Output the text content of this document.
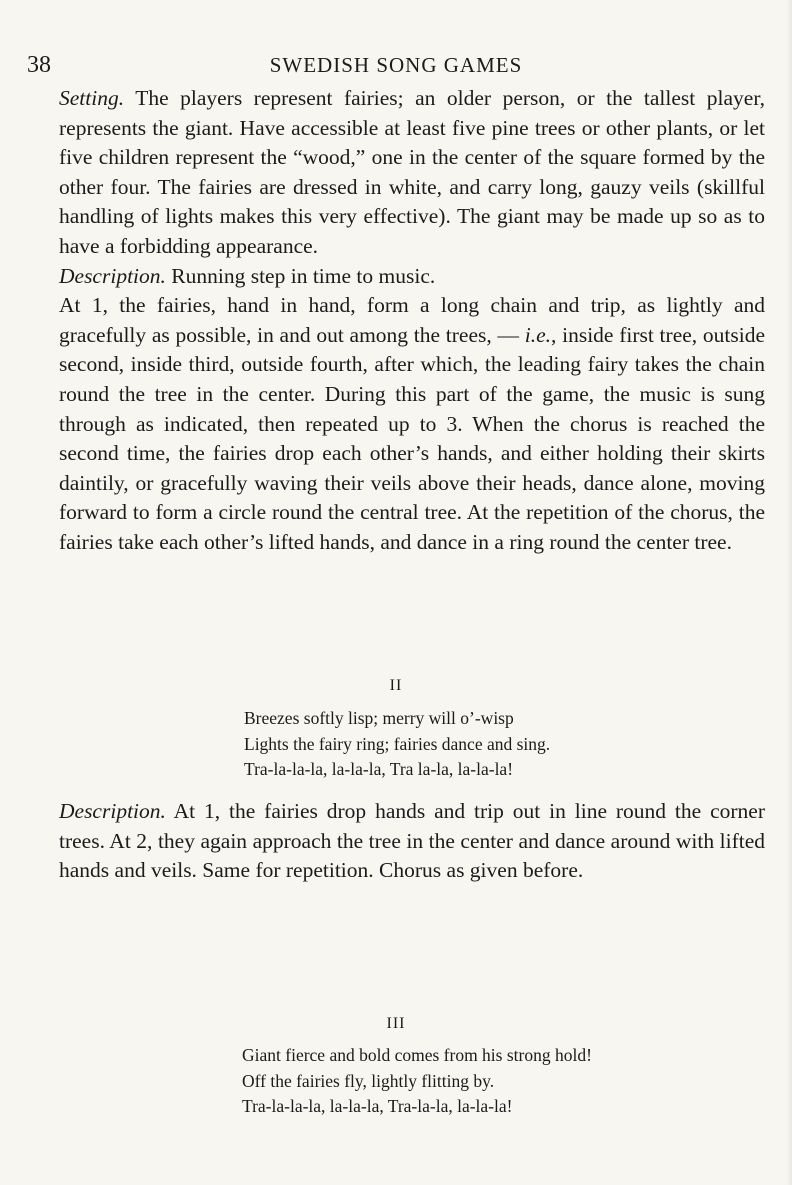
38	SWEDISH SONG GAMES

Setting. The players represent fairies; an older person, or the tallest player, represents the giant. Have accessible at least five pine trees or other plants, or let five children represent the “wood,” one in the center of the square formed by the other four. The fairies are dressed in white, and carry long, gauzy veils (skillful handling of lights makes this very effective). The giant may be made up so as to have a forbidding appearance.

Description. Running step in time to music.

At 1, the fairies, hand in hand, form a long chain and trip, as lightly and gracefully as possible, in and out among the trees, — i.e., inside first tree, outside second, inside third, outside fourth, after which, the leading fairy takes the chain round the tree in the center. During this part of the game, the music is sung through as indicated, then repeated up to 3. When the chorus is reached the second time, the fairies drop each other’s hands, and either holding their skirts daintily, or gracefully waving their veils above their heads, dance alone, moving forward to form a circle round the central tree. At the repetition of the chorus, the fairies take each other’s lifted hands, and dance in a ring round the center tree.

II
Breezes softly lisp; merry will o’-wisp
Lights the fairy ring; fairies dance and sing.
Tra-la-la-la, la-la-la, Tra la-la, la-la-la!

Description. At 1, the fairies drop hands and trip out in line round the corner trees. At 2, they again approach the tree in the center and dance around with lifted hands and veils. Same for repetition. Chorus as given before.

III
Giant fierce and bold comes from his strong hold!
Off the fairies fly, lightly flitting by.
Tra-la-la-la, la-la-la, Tra-la-la, la-la-la!
